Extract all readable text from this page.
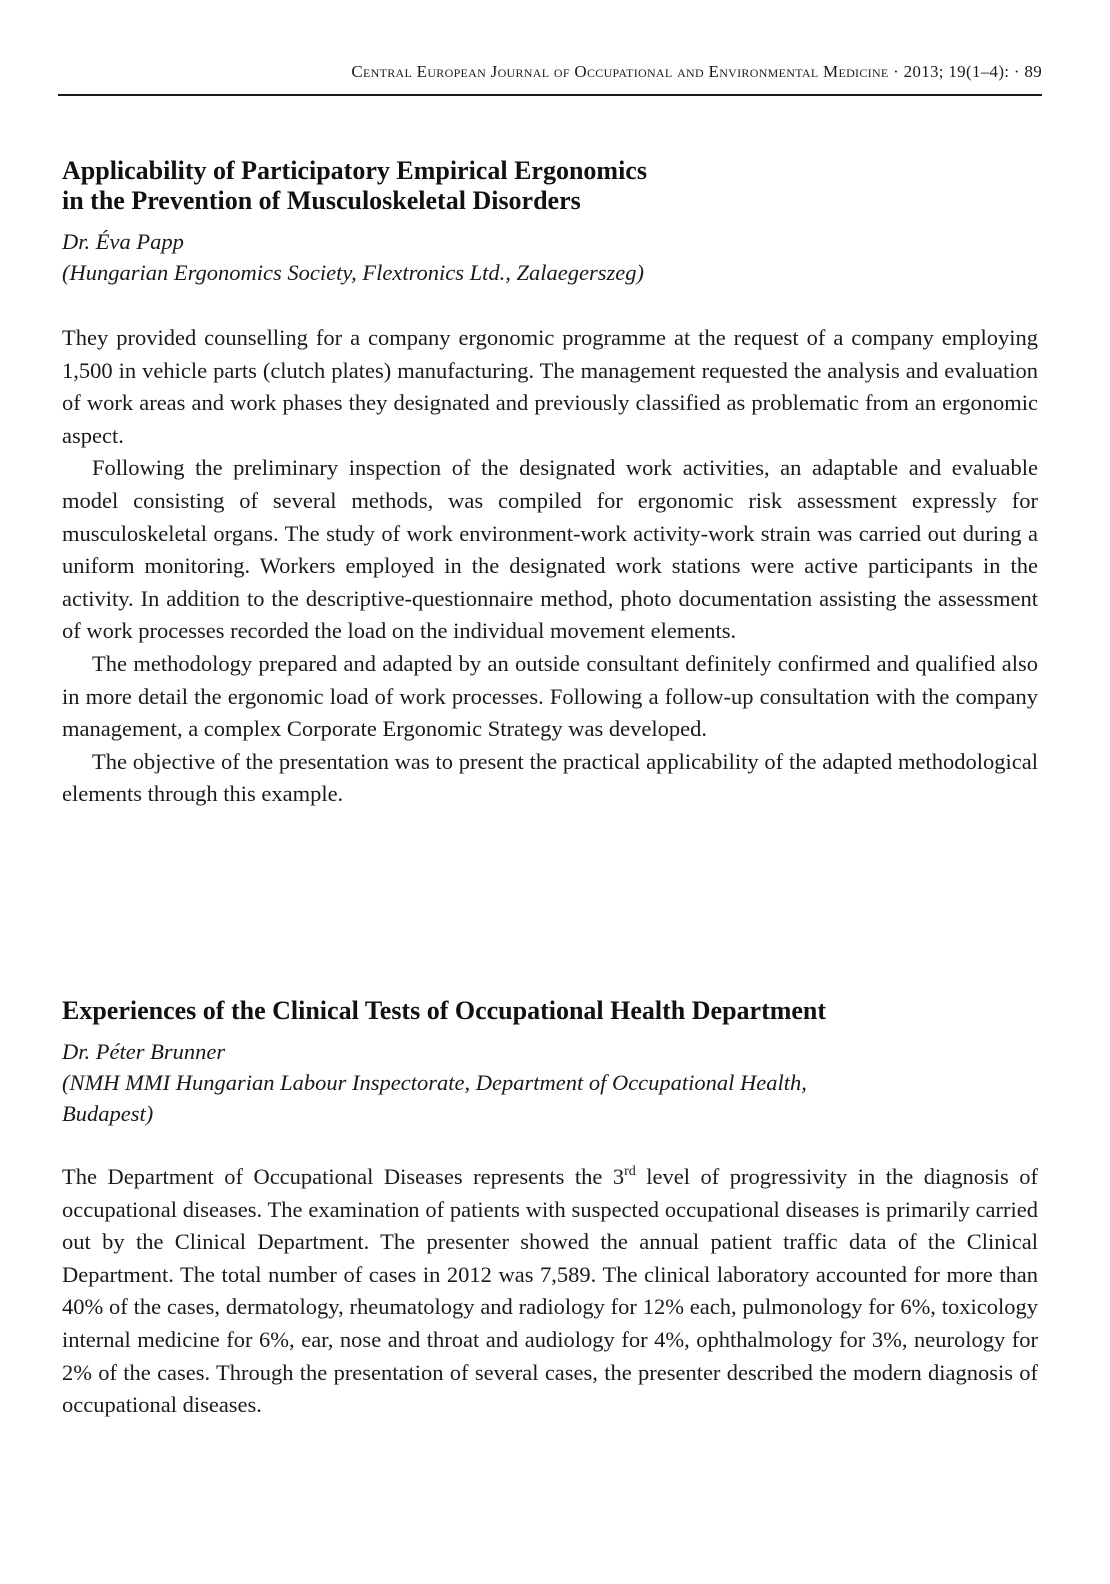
Central European Journal of Occupational and Environmental Medicine · 2013; 19(1–4): · 89
Applicability of Participatory Empirical Ergonomics
in the Prevention of Musculoskeletal Disorders
Dr. Éva Papp
(Hungarian Ergonomics Society, Flextronics Ltd., Zalaegerszeg)

They provided counselling for a company ergonomic programme at the request of a company employing 1,500 in vehicle parts (clutch plates) manufacturing. The management requested the analysis and evaluation of work areas and work phases they designated and previously classified as problematic from an ergonomic aspect.

Following the preliminary inspection of the designated work activities, an adaptable and evaluable model consisting of several methods, was compiled for ergonomic risk assessment expressly for musculoskeletal organs. The study of work environment-work activity-work strain was carried out during a uniform monitoring. Workers employed in the designated work stations were active participants in the activity. In addition to the descriptive-questionnaire method, photo documentation assisting the assessment of work processes recorded the load on the individual movement elements.

The methodology prepared and adapted by an outside consultant definitely confirmed and qualified also in more detail the ergonomic load of work processes. Following a follow-up consultation with the company management, a complex Corporate Ergonomic Strategy was developed.

The objective of the presentation was to present the practical applicability of the adapted methodological elements through this example.

Experiences of the Clinical Tests of Occupational Health Department
Dr. Péter Brunner
(NMH MMI Hungarian Labour Inspectorate, Department of Occupational Health,
Budapest)

The Department of Occupational Diseases represents the 3rd level of progressivity in the diagnosis of occupational diseases. The examination of patients with suspected occupational diseases is primarily carried out by the Clinical Department. The presenter showed the annual patient traffic data of the Clinical Department. The total number of cases in 2012 was 7,589. The clinical laboratory accounted for more than 40% of the cases, dermatology, rheumatology and radiology for 12% each, pulmonology for 6%, toxicology internal medicine for 6%, ear, nose and throat and audiology for 4%, ophthalmology for 3%, neurology for 2% of the cases. Through the presentation of several cases, the presenter described the modern diagnosis of occupational diseases.
